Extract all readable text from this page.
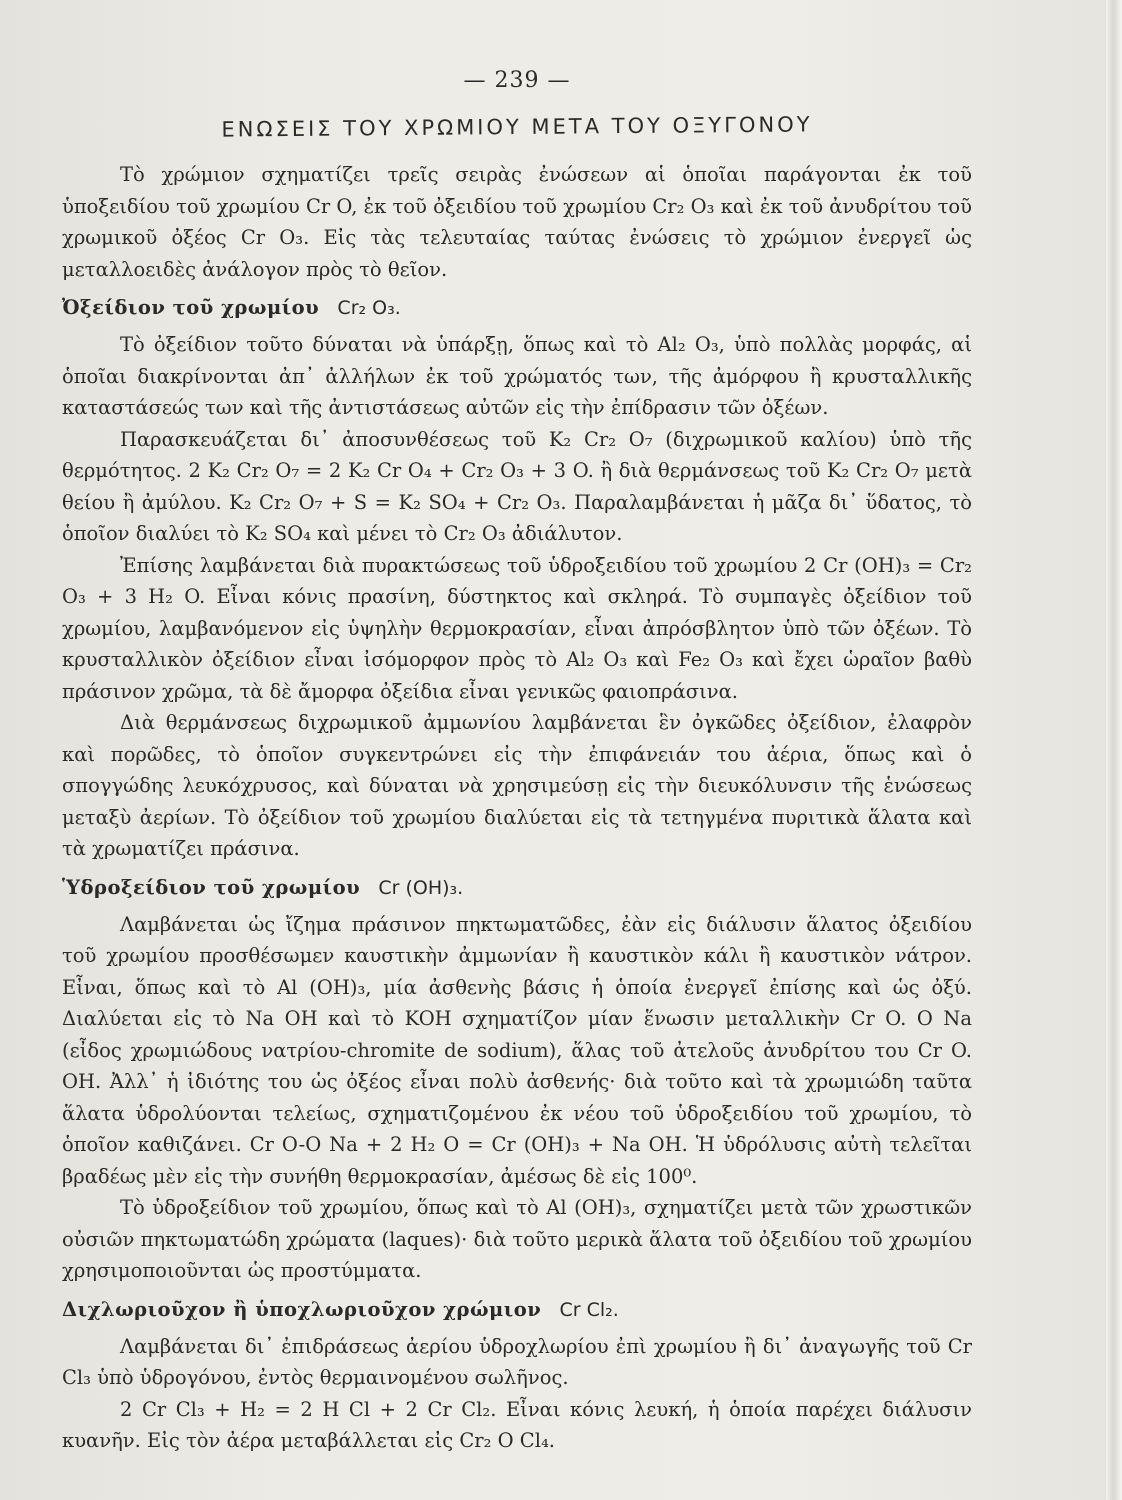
— 239 —
ΕΝΩΣΕΙΣ ΤΟΥ ΧΡΩΜΙΟΥ ΜΕΤΑ ΤΟΥ ΟΞΥΓΟΝΟΥ

Τὸ χρώμιον σχηματίζει τρεῖς σειρὰς ἐνώσεων αἱ ὁποῖαι παράγονται ἐκ τοῦ ὑποξειδίου τοῦ χρωμίου Cr O, ἐκ τοῦ ὀξειδίου τοῦ χρωμίου Cr₂ O₃ καὶ ἐκ τοῦ ἀνυδρίτου τοῦ χρωμικοῦ ὀξέος Cr O₃. Εἰς τὰς τελευταίας ταύτας ἐνώσεις τὸ χρώμιον ἐνεργεῖ ὡς μεταλλοειδὲς ἀνάλογον πρὸς τὸ θεῖον.

Ὀξείδιον τοῦ χρωμίου Cr₂ O₃.

Τὸ ὀξείδιον τοῦτο δύναται νὰ ὑπάρξῃ, ὅπως καὶ τὸ Al₂ O₃, ὑπὸ πολλὰς μορφάς, αἱ ὁποῖαι διακρίνονται ἀπ᾽ ἀλλήλων ἐκ τοῦ χρώματός των, τῆς ἀμόρφου ἢ κρυσταλλικῆς καταστάσεώς των καὶ τῆς ἀντιστάσεως αὐτῶν εἰς τὴν ἐπίδρασιν τῶν ὀξέων.

Παρασκευάζεται δι᾽ ἀποσυνθέσεως τοῦ K₂ Cr₂ O₇ (διχρωμικοῦ καλίου) ὑπὸ τῆς θερμότητος. 2 K₂ Cr₂ O₇ = 2 K₂ Cr O₄ + Cr₂ O₃ + 3 O. ἢ διὰ θερμάνσεως τοῦ K₂ Cr₂ O₇ μετὰ θείου ἢ ἀμύλου. K₂ Cr₂ O₇ + S = K₂ SO₄ + Cr₂ O₃. Παραλαμβάνεται ἡ μᾶζα δι᾽ ὕδατος, τὸ ὁποῖον διαλύει τὸ K₂ SO₄ καὶ μένει τὸ Cr₂ O₃ ἀδιάλυτον.

Ἐπίσης λαμβάνεται διὰ πυρακτώσεως τοῦ ὑδροξειδίου τοῦ χρωμίου 2 Cr (OH)₃ = Cr₂ O₃ + 3 H₂ O. Εἶναι κόνις πρασίνη, δύστηκτος καὶ σκληρά. Τὸ συμπαγὲς ὀξείδιον τοῦ χρωμίου, λαμβανόμενον εἰς ὑψηλὴν θερμοκρασίαν, εἶναι ἀπρόσβλητον ὑπὸ τῶν ὀξέων. Τὸ κρυσταλλικὸν ὀξείδιον εἶναι ἰσόμορφον πρὸς τὸ Al₂ O₃ καὶ Fe₂ O₃ καὶ ἔχει ὡραῖον βαθὺ πράσινον χρῶμα, τὰ δὲ ἄμορφα ὀξείδια εἶναι γενικῶς φαιοπράσινα.

Διὰ θερμάνσεως διχρωμικοῦ ἀμμωνίου λαμβάνεται ἓν ὀγκῶδες ὀξείδιον, ἐλαφρὸν καὶ πορῶδες, τὸ ὁποῖον συγκεντρώνει εἰς τὴν ἐπιφάνειάν του ἀέρια, ὅπως καὶ ὁ σπογγώδης λευκόχρυσος, καὶ δύναται νὰ χρησιμεύσῃ εἰς τὴν διευκόλυνσιν τῆς ἑνώσεως μεταξὺ ἀερίων. Τὸ ὀξείδιον τοῦ χρωμίου διαλύεται εἰς τὰ τετηγμένα πυριτικὰ ἅλατα καὶ τὰ χρωματίζει πράσινα.

Ὑδροξείδιον τοῦ χρωμίου Cr (OH)₃.

Λαμβάνεται ὡς ἴζημα πράσινον πηκτωματῶδες, ἐὰν εἰς διάλυσιν ἅλατος ὀξειδίου τοῦ χρωμίου προσθέσωμεν καυστικὴν ἀμμωνίαν ἢ καυστικὸν κάλι ἢ καυστικὸν νάτρον. Εἶναι, ὅπως καὶ τὸ Al (OH)₃, μία ἀσθενὴς βάσις ἡ ὁποία ἐνεργεῖ ἐπίσης καὶ ὡς ὀξύ. Διαλύεται εἰς τὸ Na OH καὶ τὸ KOH σχηματίζον μίαν ἕνωσιν μεταλλικὴν Cr O. O Na (εἶδος χρωμιώδους νατρίου-chromite de sodium), ἅλας τοῦ ἀτελοῦς ἀνυδρίτου του Cr O. OH. Ἀλλ᾽ ἡ ἰδιότης του ὡς ὀξέος εἶναι πολὺ ἀσθενής· διὰ τοῦτο καὶ τὰ χρωμιώδη ταῦτα ἅλατα ὑδρολύονται τελείως, σχηματιζομένου ἐκ νέου τοῦ ὑδροξειδίου τοῦ χρωμίου, τὸ ὁποῖον καθιζάνει. Cr O-O Na + 2 H₂ O = Cr (OH)₃ + Na OH. Ἡ ὑδρόλυσις αὐτὴ τελεῖται βραδέως μὲν εἰς τὴν συνήθη θερμοκρασίαν, ἀμέσως δὲ εἰς 100⁰.

Τὸ ὑδροξείδιον τοῦ χρωμίου, ὅπως καὶ τὸ Al (OH)₃, σχηματίζει μετὰ τῶν χρωστικῶν οὐσιῶν πηκτωματώδη χρώματα (laques)· διὰ τοῦτο μερικὰ ἅλατα τοῦ ὀξειδίου τοῦ χρωμίου χρησιμοποιοῦνται ὡς προστύμματα.

Διχλωριοῦχον ἢ ὑποχλωριοῦχον χρώμιον Cr Cl₂.

Λαμβάνεται δι᾽ ἐπιδράσεως ἀερίου ὑδροχλωρίου ἐπὶ χρωμίου ἢ δι᾽ ἀναγωγῆς τοῦ Cr Cl₃ ὑπὸ ὑδρογόνου, ἐντὸς θερμαινομένου σωλῆνος.

2 Cr Cl₃ + H₂ = 2 H Cl + 2 Cr Cl₂. Εἶναι κόνις λευκή, ἡ ὁποία παρέχει διάλυσιν κυανῆν. Εἰς τὸν ἀέρα μεταβάλλεται εἰς Cr₂ O Cl₄.
